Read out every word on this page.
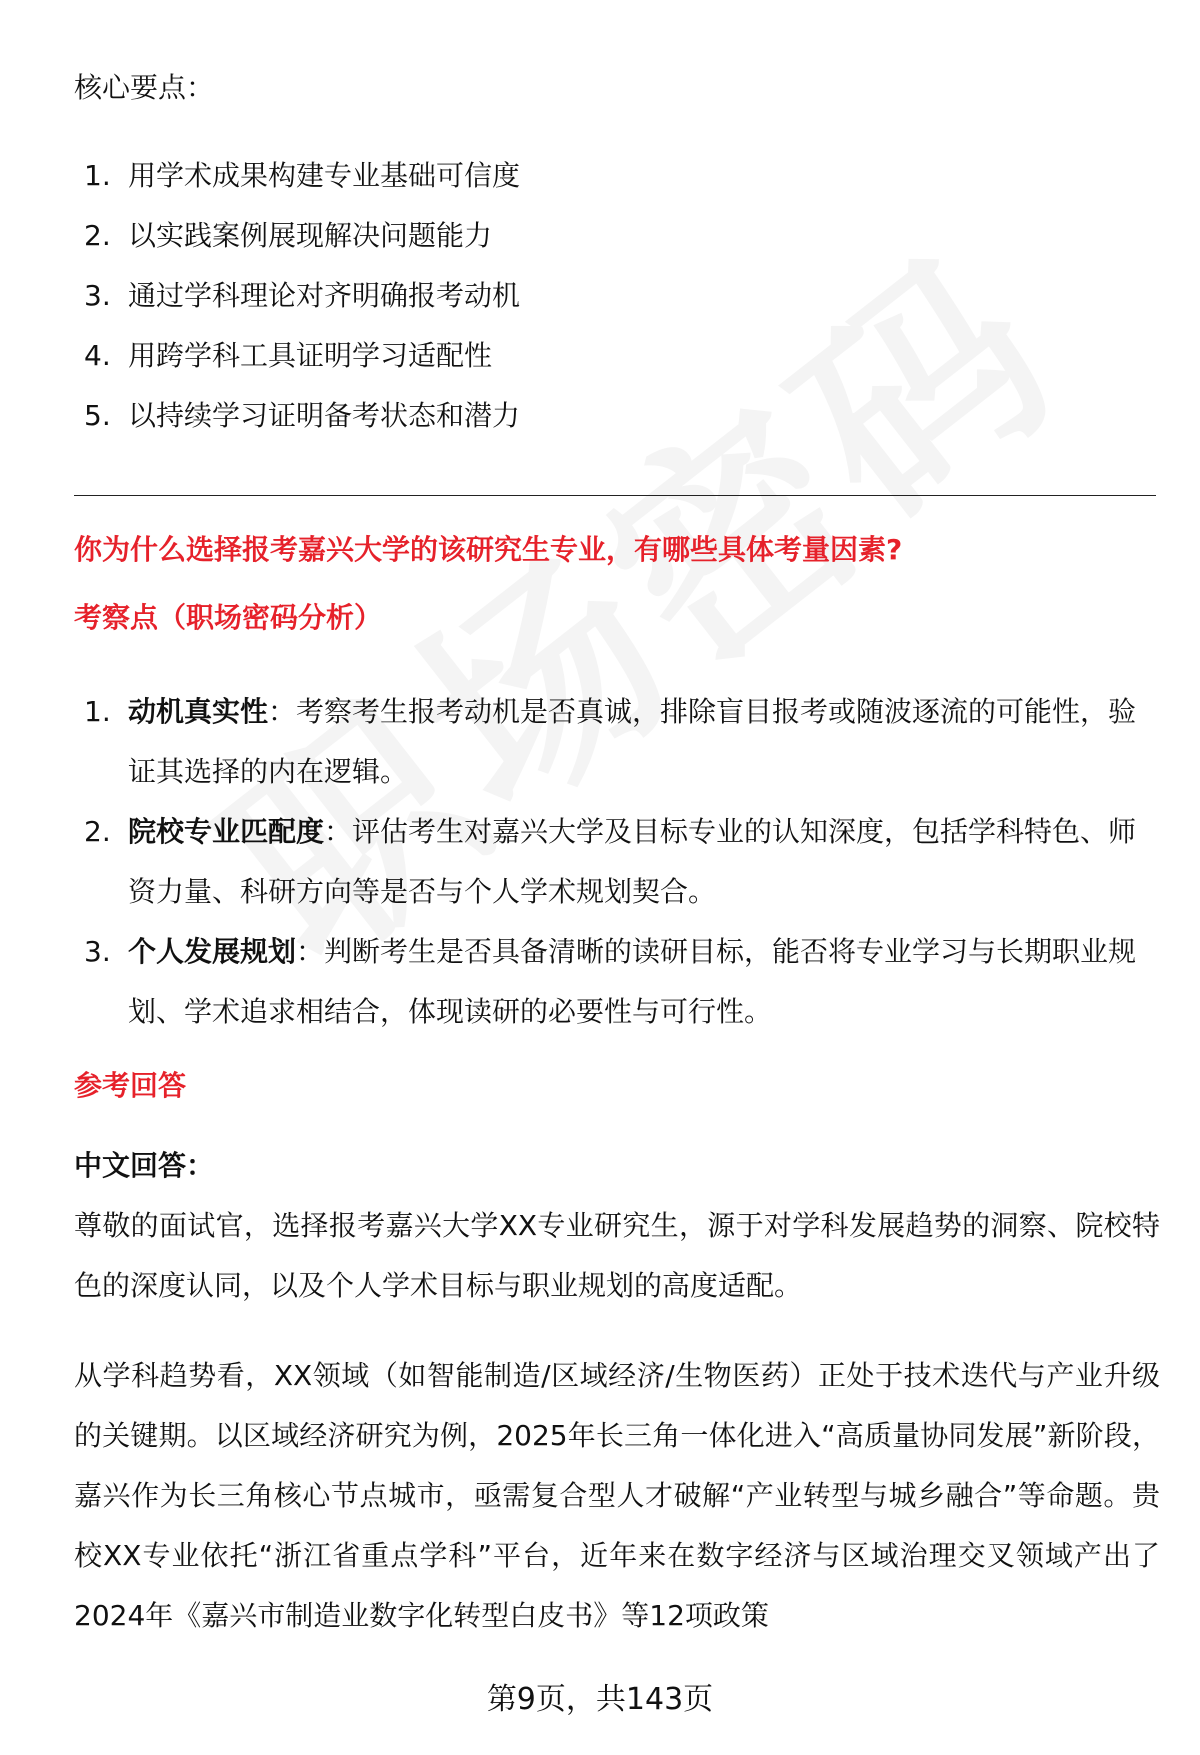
核心要点：
1. 用学术成果构建专业基础可信度
2. 以实践案例展现解决问题能力
3. 通过学科理论对齐明确报考动机
4. 用跨学科工具证明学习适配性
5. 以持续学习证明备考状态和潜力
你为什么选择报考嘉兴大学的该研究生专业，有哪些具体考量因素?
考察点（职场密码分析）
1. 动机真实性：考察考生报考动机是否真诚，排除盲目报考或随波逐流的可能性，验证其选择的内在逻辑。
2. 院校专业匹配度：评估考生对嘉兴大学及目标专业的认知深度，包括学科特色、师资力量、科研方向等是否与个人学术规划契合。
3. 个人发展规划：判断考生是否具备清晰的读研目标，能否将专业学习与长期职业规划、学术追求相结合，体现读研的必要性与可行性。
参考回答
中文回答：
尊敬的面试官，选择报考嘉兴大学XX专业研究生，源于对学科发展趋势的洞察、院校特色的深度认同，以及个人学术目标与职业规划的高度适配。
从学科趋势看，XX领域（如智能制造/区域经济/生物医药）正处于技术迭代与产业升级的关键期。以区域经济研究为例，2025年长三角一体化进入“高质量协同发展”新阶段，嘉兴作为长三角核心节点城市，亟需复合型人才破解“产业转型与城乡融合”等命题。贵校XX专业依托“浙江省重点学科”平台，近年来在数字经济与区域治理交叉领域产出了2024年《嘉兴市制造业数字化转型白皮书》等12项政策
第9页，共143页
